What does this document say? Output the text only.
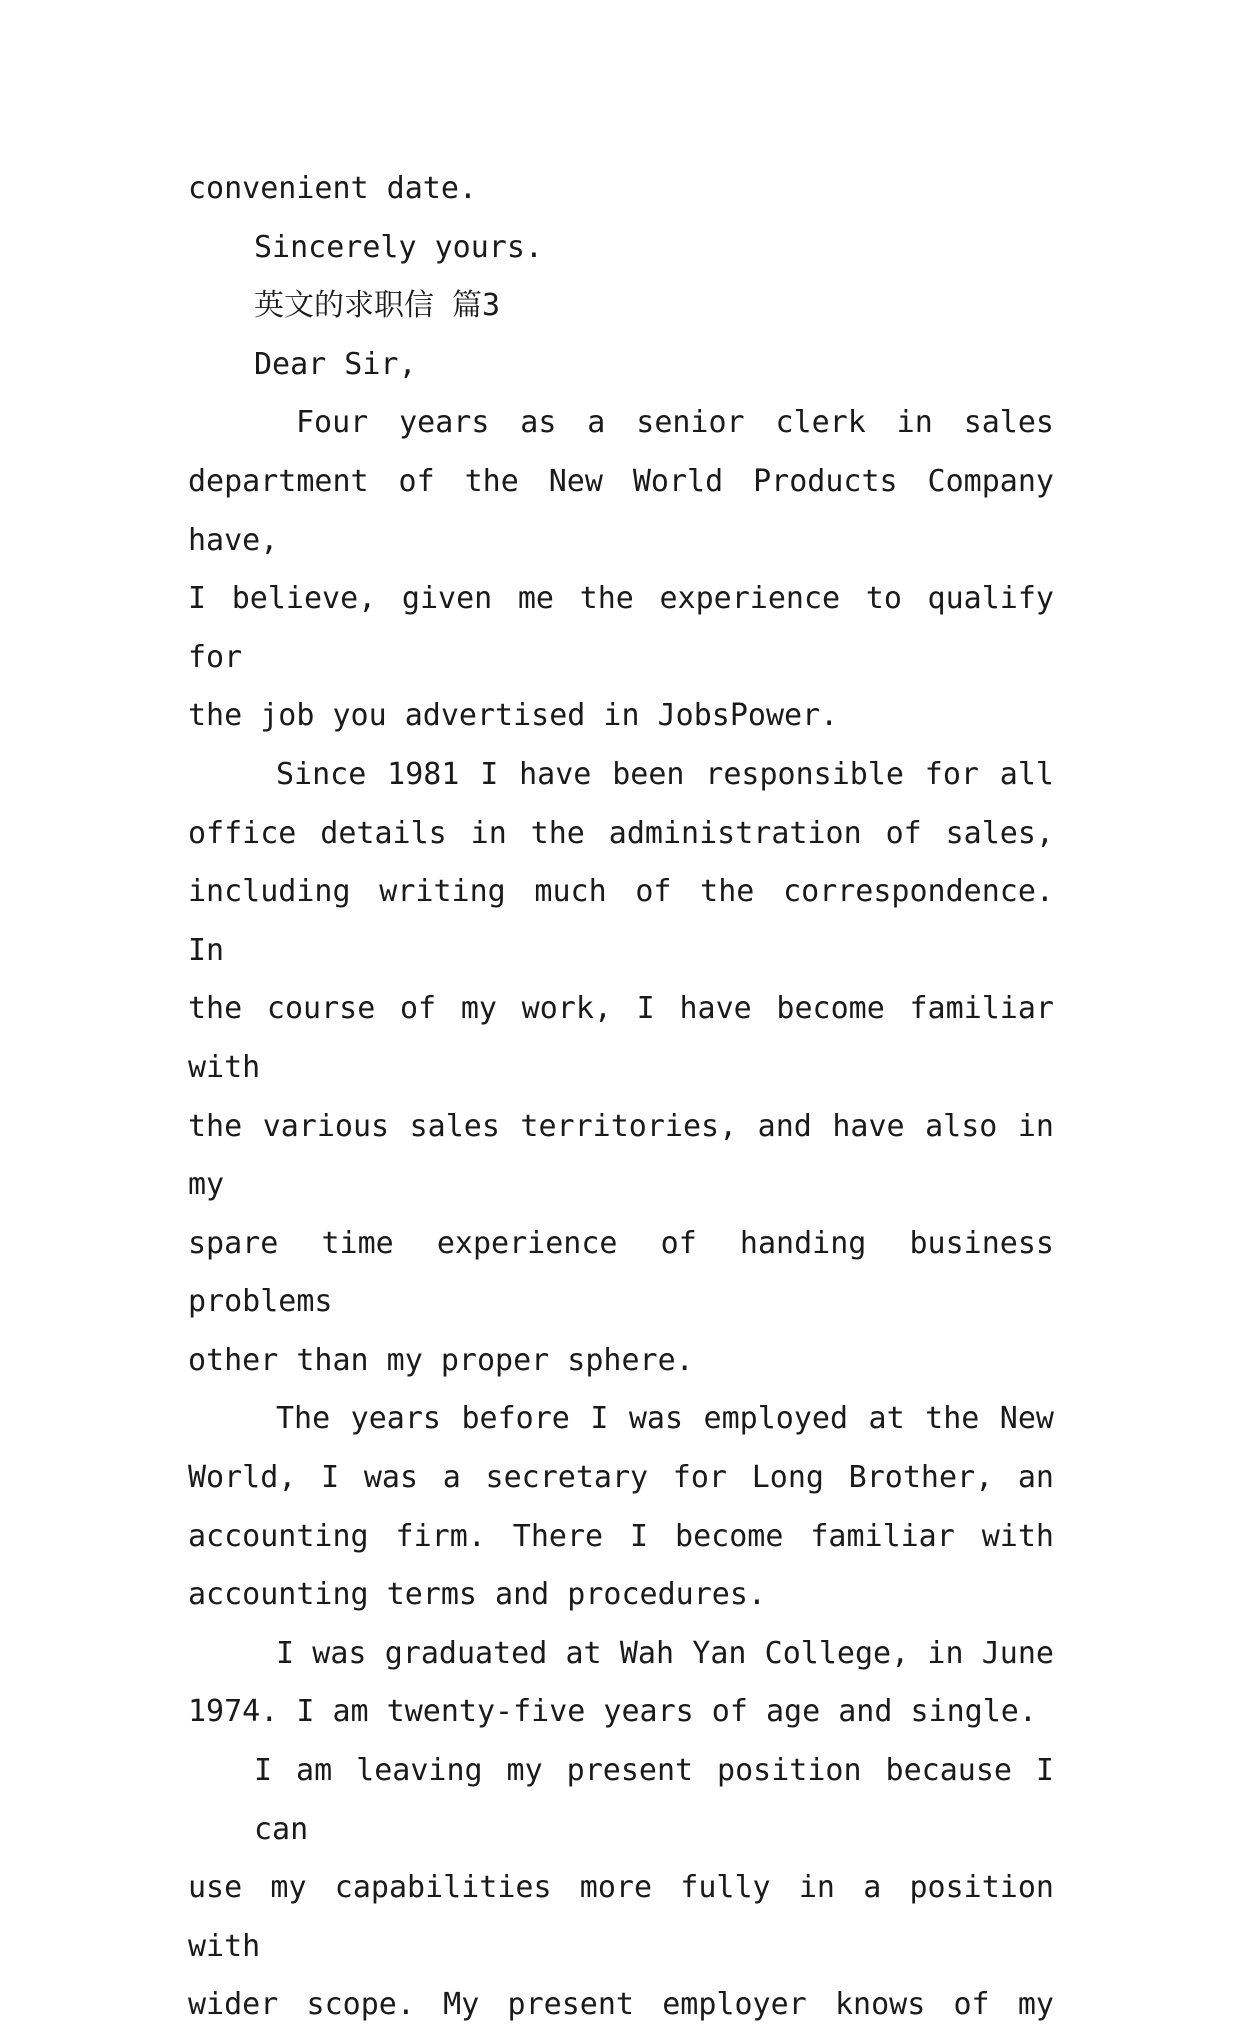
convenient date.
Sincerely yours.
英文的求职信 篇3
Dear Sir,
Four years as a senior clerk in sales
department of the New World Products Company have,
I believe, given me the experience to qualify for
the job you advertised in JobsPower.
Since 1981 I have been responsible for all
office details in the administration of sales,
including writing much of the correspondence. In
the course of my work, I have become familiar with
the various sales territories, and have also in my
spare time experience of handing business problems
other than my proper sphere.
The years before I was employed at the New
World, I was a secretary for Long Brother, an
accounting firm. There I become familiar with
accounting terms and procedures.
I was graduated at Wah Yan College, in June
1974. I am twenty-five years of age and single.
I am leaving my present position because I can
use my capabilities more fully in a position with
wider scope. My present employer knows of my
